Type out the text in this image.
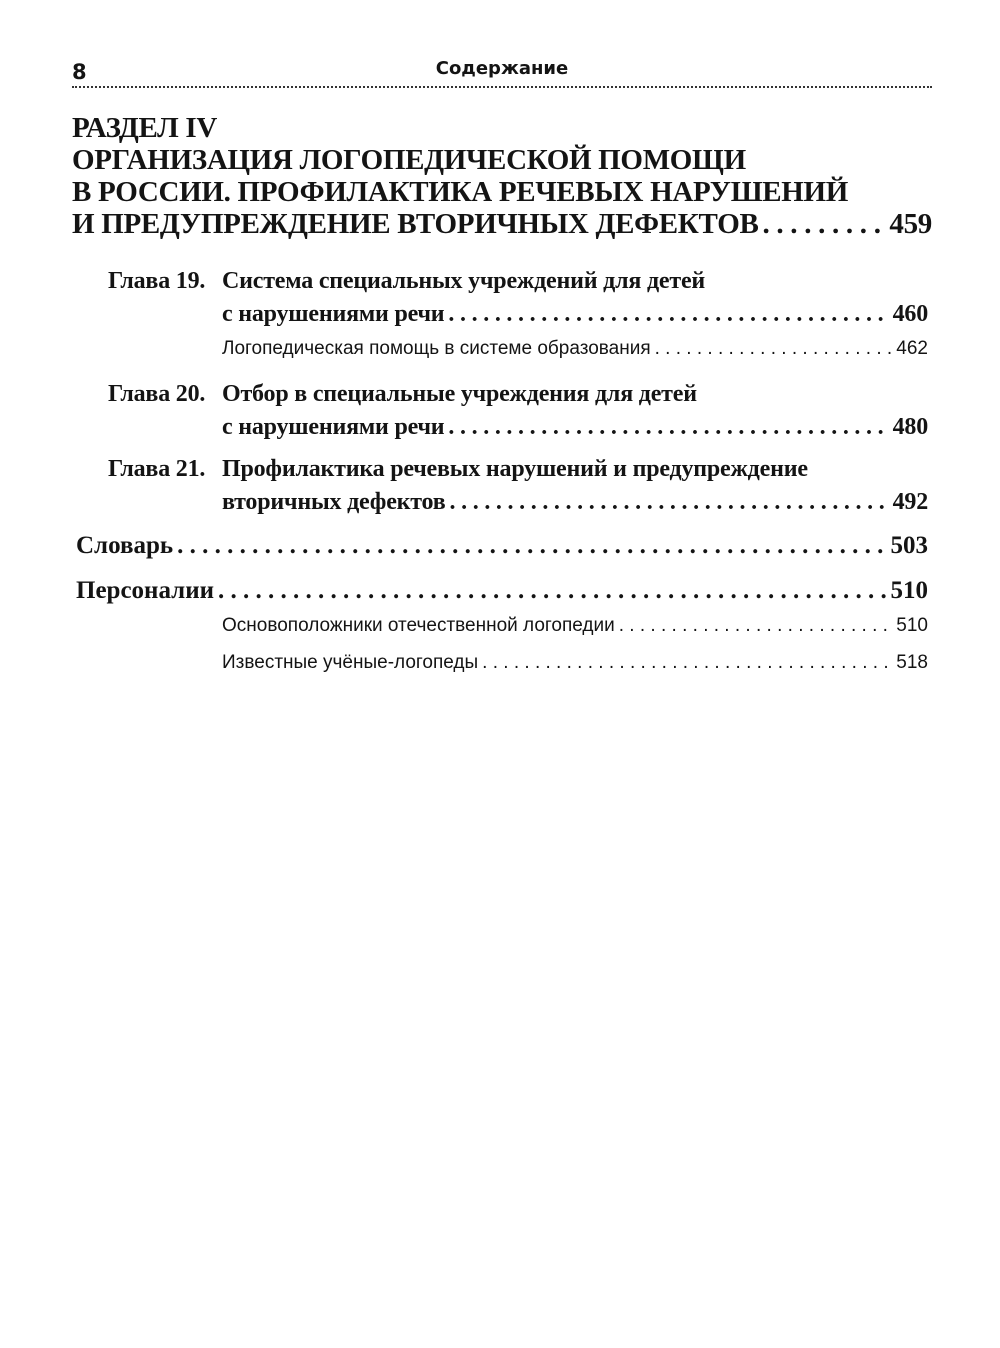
8	Содержание
РАЗДЕЛ IV
ОРГАНИЗАЦИЯ ЛОГОПЕДИЧЕСКОЙ ПОМОЩИ
В РОССИИ. ПРОФИЛАКТИКА РЕЧЕВЫХ НАРУШЕНИЙ
И ПРЕДУПРЕЖДЕНИЕ ВТОРИЧНЫХ ДЕФЕКТОВ . . .	459
Глава 19. Система специальных учреждений для детей
с нарушениями речи . . .	460
Логопедическая помощь в системе образования . . .	462
Глава 20. Отбор в специальные учреждения для детей
с нарушениями речи . . .	480
Глава 21. Профилактика речевых нарушений и предупреждение
вторичных дефектов . . .	492
Словарь . . .	503
Персоналии . . .	510
Основоположники отечественной логопедии . . .	510
Известные учёные-логопеды . . .	518
